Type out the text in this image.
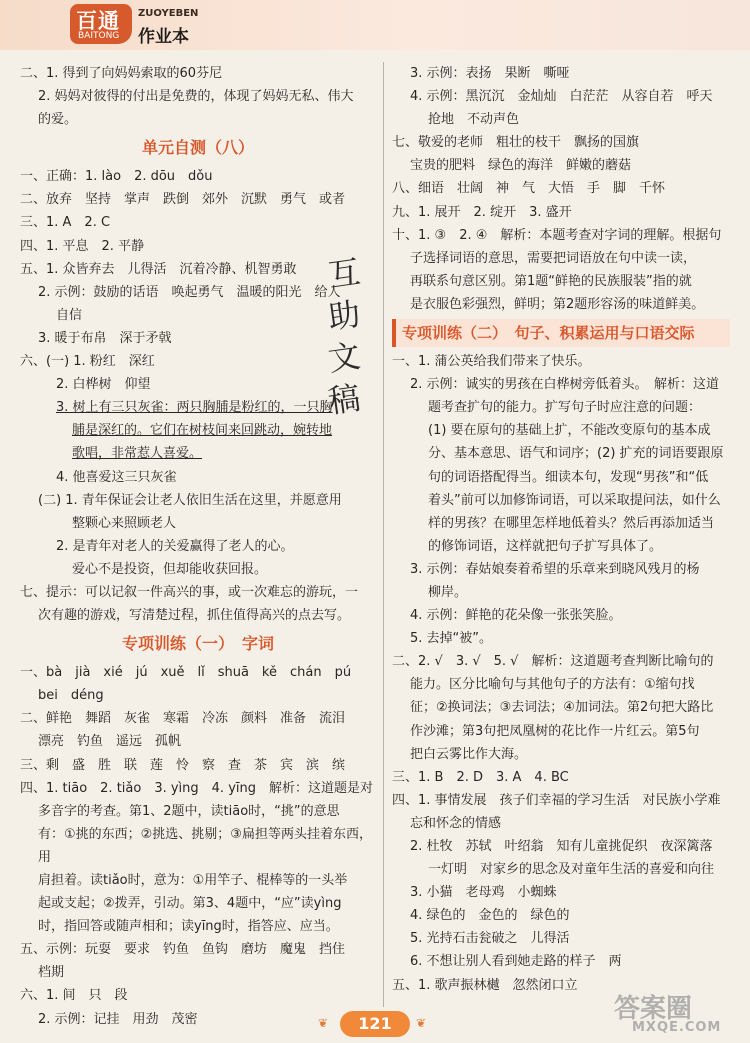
百通
BAITONG
ZUOYEBEN
作业本
二、1. 得到了向妈妈索取的60芬尼
2. 妈妈对彼得的付出是免费的，体现了妈妈无私、伟大
的爱。
单元自测（八）
一、正确：1. lào　2. dōu　dǒu
二、放弃　坚持　掌声　跌倒　郊外　沉默　勇气　或者
三、1. A　2. C
四、1. 平息　2. 平静
五、1. 众皆弃去　儿得活　沉着冷静、机智勇敢
2. 示例：鼓励的话语　唤起勇气　温暖的阳光　给人
自信
3. 暖于布帛　深于矛戟
六、(一) 1. 粉红　深红
2. 白桦树　仰望
3. 树上有三只灰雀：两只胸脯是粉红的，一只胸
脯是深红的。它们在树枝间来回跳动，婉转地
歌唱，非常惹人喜爱。
4. 他喜爱这三只灰雀
(二) 1. 青年保证会让老人依旧生活在这里，并愿意用
整颗心来照顾老人
2. 是青年对老人的关爱赢得了老人的心。
爱心不是投资，但却能收获回报。
七、提示：可以记叙一件高兴的事，或一次难忘的游玩，一
次有趣的游戏，写清楚过程，抓住值得高兴的点去写。
专项训练（一）　字词
一、bà　jià　xié　jú　xuě　lǐ　shuā　kě　chán　pú
bei　déng
二、鲜艳　舞蹈　灰雀　寒霜　冷冻　颜料　准备　流泪
漂亮　钓鱼　遥远　孤帆
三、剩　盛　胜　联　莲　怜　察　查　茶　宾　滨　缤
四、1. tiāo　2. tiǎo　3. yìng　4. yīng　解析：这道题是对
多音字的考查。第1、2题中，读tiāo时，“挑”的意思
有：①挑的东西；②挑选、挑剔；③扁担等两头挂着东西，用
肩担着。读tiǎo时，意为：①用竿子、棍棒等的一头举
起或支起；②拨弄，引动。第3、4题中，“应”读yìng
时，指回答或随声相和；读yīng时，指答应、应当。
五、示例：玩耍　要求　钓鱼　鱼钩　磨坊　魔鬼　挡住
档期
六、1. 间　只　段
2. 示例：记挂　用劲　茂密
3. 示例：表扬　果断　嘶哑
4. 示例：黑沉沉　金灿灿　白茫茫　从容自若　呼天
抢地　不动声色
七、敬爱的老师　粗壮的枝干　飘扬的国旗
宝贵的肥料　绿色的海洋　鲜嫩的蘑菇
八、细语　壮阔　神　气　大悟　手　脚　千怀
九、1. 展开　2. 绽开　3. 盛开
十、1. ③　2. ④　解析：本题考查对字词的理解。根据句
子选择词语的意思，需要把词语放在句中读一读，
再联系句意区别。第1题“鲜艳的民族服装”指的就
是衣服色彩强烈，鲜明；第2题形容汤的味道鲜美。
专项训练（二）　句子、积累运用与口语交际
一、1. 蒲公英给我们带来了快乐。
2. 示例：诚实的男孩在白桦树旁低着头。　解析：这道
题考查扩句的能力。扩写句子时应注意的问题：
(1) 要在原句的基础上扩，不能改变原句的基本成
分、基本意思、语气和词序；(2) 扩充的词语要跟原
句的词语搭配得当。细读本句，发现“男孩”和“低
着头”前可以加修饰词语，可以采取提问法，如什么
样的男孩？在哪里怎样地低着头？然后再添加适当
的修饰词语，这样就把句子扩写具体了。
3. 示例：春姑娘奏着希望的乐章来到晓风残月的杨
柳岸。
4. 示例：鲜艳的花朵像一张张笑脸。
5. 去掉“被”。
二、2. √　3. √　5. √　解析：这道题考查判断比喻句的
能力。区分比喻句与其他句子的方法有：①缩句找
征；②换词法；③去词法；④加词法。第2句把大路比
作沙滩；第3句把凤凰树的花比作一片红云。第5句
把白云雾比作大海。
三、1. B　2. D　3. A　4. BC
四、1. 事情发展　孩子们幸福的学习生活　对民族小学难
忘和怀念的情感
2. 杜牧　苏轼　叶绍翁　知有儿童挑促织　夜深篱落
一灯明　对家乡的思念及对童年生活的喜爱和向往
3. 小猫　老母鸡　小蜘蛛
4. 绿色的　金色的　绿色的
5. 光持石击瓮破之　儿得活
6. 不想让别人看到她走路的样子　两
五、1. 歌声振林樾　忽然闭口立
互
助
文
稿
❦	121	❦	答案圈
MXQE.COM
